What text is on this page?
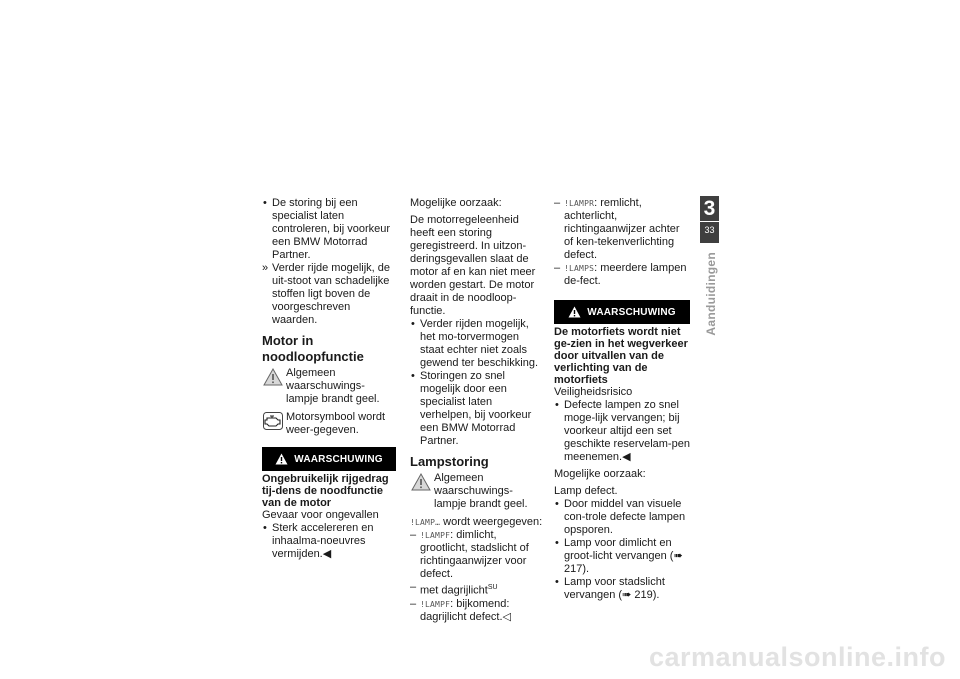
• De storing bij een specialist laten controleren, bij voorkeur een BMW Motorrad Partner.

» Verder rijde mogelijk, de uit-stoot van schadelijke stoffen ligt boven de voorgeschreven waarden.

Motor in noodloopfunctie
Algemeen waarschuwings-lampje brandt geel.
Motorsymbool wordt weer-gegeven.
WAARSCHUWING

Ongebruikelijk rijgedrag tij-dens de noodfunctie van de motor

Gevaar voor ongevallen

• Sterk accelereren en inhaalma-noeuvres vermijden.◀

Mogelijke oorzaak:

De motorregeleenheid heeft een storing geregistreerd. In uitzon-deringsgevallen slaat de motor af en kan niet meer worden gestart. De motor draait in de noodloop-functie.

• Verder rijden mogelijk, het mo-torvermogen staat echter niet zoals gewend ter beschikking.

• Storingen zo snel mogelijk door een specialist laten verhelpen, bij voorkeur een BMW Motorrad Partner.

Lampstoring
Algemeen waarschuwings-lampje brandt geel.

!LAMP… wordt weergegeven:

– !LAMPF: dimlicht, grootlicht, stadslicht of richtingaanwijzer voor defect.

– met dagrijlicht$^{SU}$

– !LAMPF: bijkomend: dagrijlicht defect.◁

– !LAMPR: remlicht, achterlicht, richtingaanwijzer achter of ken-tekenverlichting defect.

– !LAMPS: meerdere lampen de-fect.

WAARSCHUWING

De motorfiets wordt niet ge-zien in het wegverkeer door uitvallen van de verlichting van de motorfiets

Veiligheidsrisico

• Defecte lampen zo snel moge-lijk vervangen; bij voorkeur altijd een set geschikte reservelam-pen meenemen.◀

Mogelijke oorzaak:

Lamp defect.

• Door middel van visuele con-trole defecte lampen opsporen.

• Lamp voor dimlicht en groot-licht vervangen (➠ 217).

• Lamp voor stadslicht vervangen (➠ 219).

3
33
Aanduidingen
carmanualsonline.info
